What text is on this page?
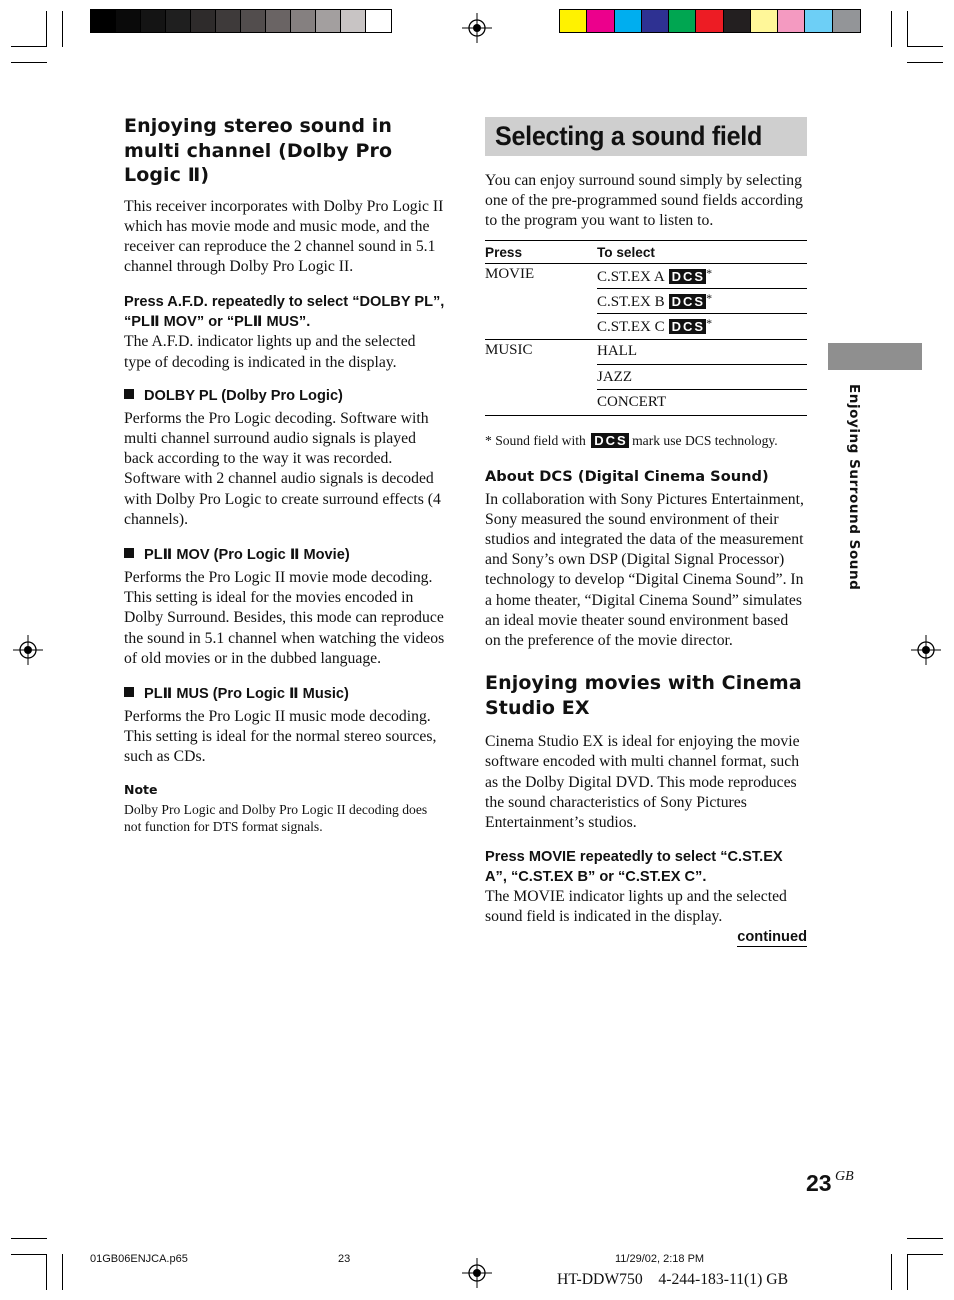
Enjoying stereo sound in multi channel (Dolby Pro Logic Ⅱ)

This receiver incorporates with Dolby Pro Logic II which has movie mode and music mode, and the receiver can reproduce the 2 channel sound in 5.1 channel through Dolby Pro Logic II.

Press A.F.D. repeatedly to select “DOLBY PL”, “PLⅡ MOV” or “PLⅡ MUS”.

The A.F.D. indicator lights up and the selected type of decoding is indicated in the display.

DOLBY PL (Dolby Pro Logic)

Performs the Pro Logic decoding. Software with multi channel surround audio signals is played back according to the way it was recorded. Software with 2 channel audio signals is decoded with Dolby Pro Logic to create surround effects (4 channels).

PLⅡ MOV (Pro Logic Ⅱ Movie)

Performs the Pro Logic II movie mode decoding. This setting is ideal for the movies encoded in Dolby Surround. Besides, this mode can reproduce the sound in 5.1 channel when watching the videos of old movies or in the dubbed language.

PLⅡ MUS (Pro Logic Ⅱ Music)

Performs the Pro Logic II music mode decoding. This setting is ideal for the normal stereo sources, such as CDs.

Note

Dolby Pro Logic and Dolby Pro Logic II decoding does not function for DTS format signals.

Selecting a sound field

You can enjoy surround sound simply by selecting one of the pre-programmed sound fields according to the program you want to listen to.

Press	To select
MOVIE	C.ST.EX A DCS*
	C.ST.EX B DCS*
	C.ST.EX C DCS*
MUSIC	HALL
	JAZZ
	CONCERT

* Sound field with DCS mark use DCS technology.

About DCS (Digital Cinema Sound)

In collaboration with Sony Pictures Entertainment, Sony measured the sound environment of their studios and integrated the data of the measurement and Sony’s own DSP (Digital Signal Processor) technology to develop “Digital Cinema Sound”. In a home theater, “Digital Cinema Sound” simulates an ideal movie theater sound environment based on the preference of the movie director.

Enjoying movies with Cinema Studio EX

Cinema Studio EX is ideal for enjoying the movie software encoded with multi channel format, such as the Dolby Digital DVD. This mode reproduces the sound characteristics of Sony Pictures Entertainment’s studios.

Press MOVIE repeatedly to select “C.ST.EX A”, “C.ST.EX B” or “C.ST.EX C”.

The MOVIE indicator lights up and the selected sound field is indicated in the display.

continued
Enjoying Surround Sound
23 GB
01GB06ENJCA.p65	23	11/29/02, 2:18 PM
HT-DDW750    4-244-183-11(1) GB
